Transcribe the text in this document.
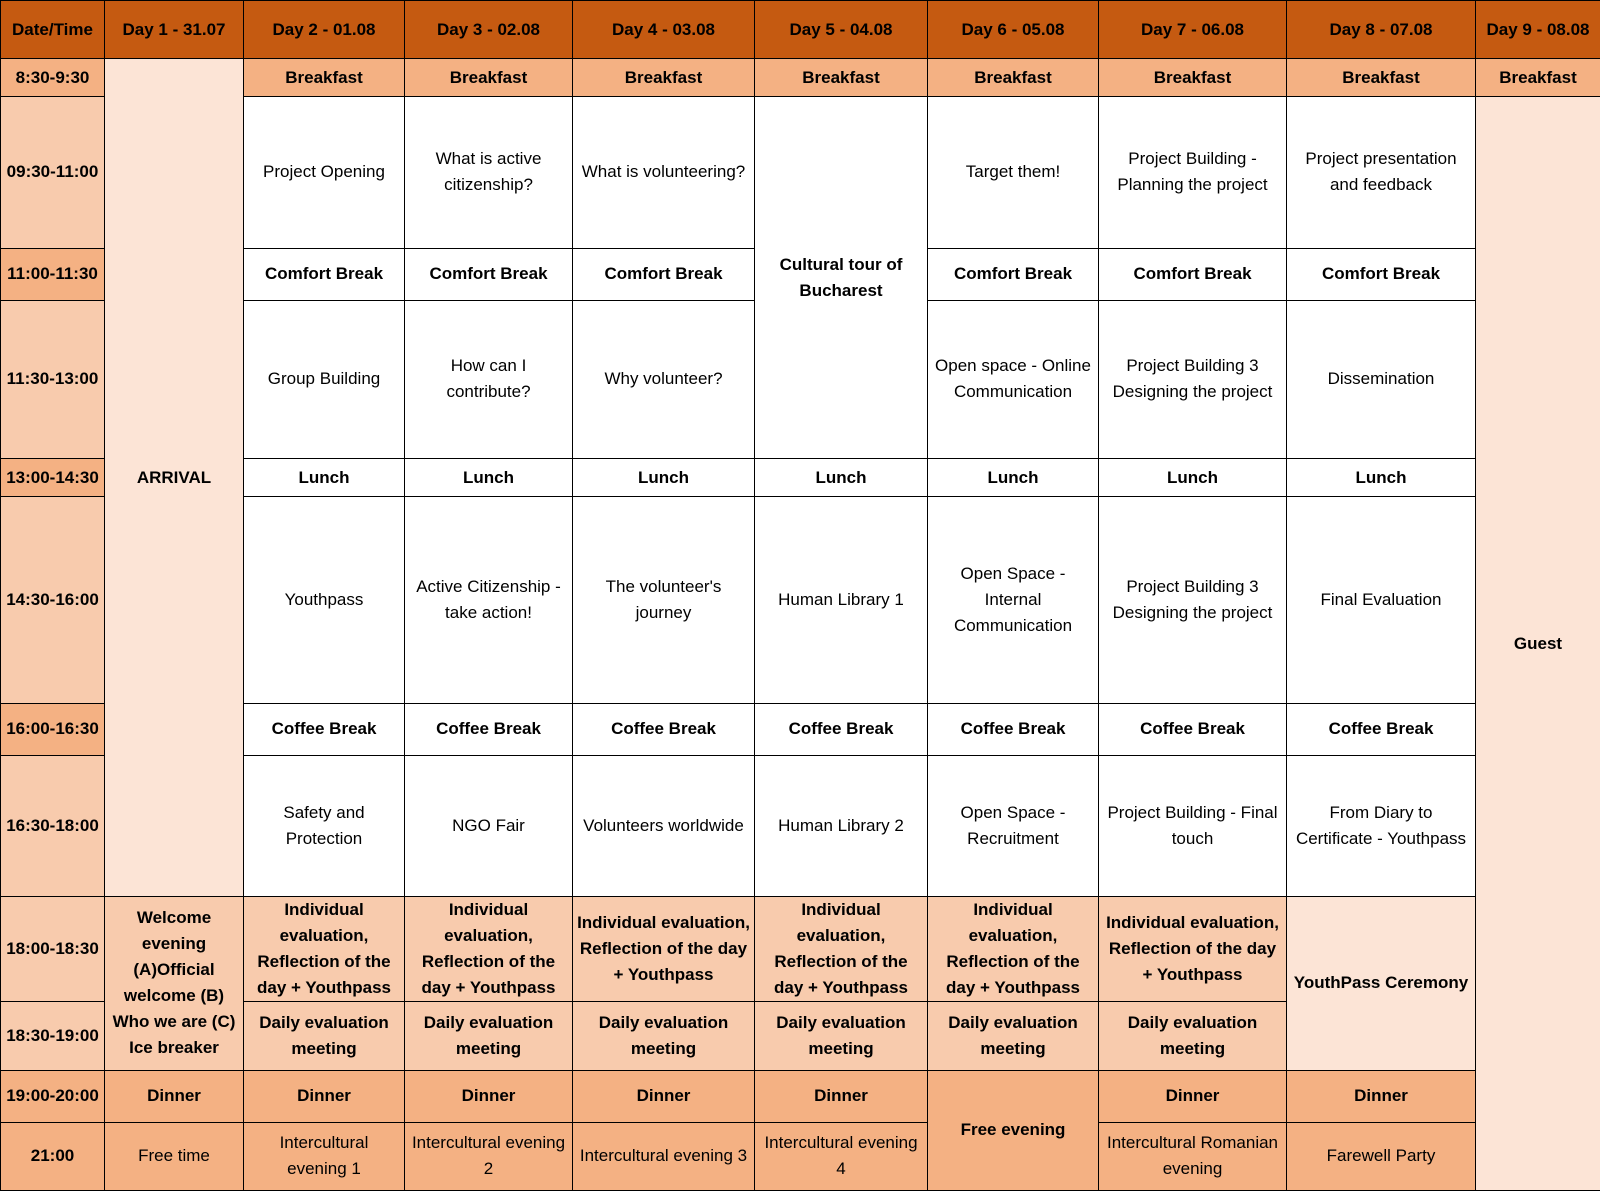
Date/Time	Day 1 - 31.07	Day 2 - 01.08	Day 3 - 02.08	Day 4 - 03.08	Day 5 - 04.08	Day 6 - 05.08	Day 7 - 06.08	Day 8 - 07.08	Day 9 - 08.08
8:30-9:30	ARRIVAL	Breakfast	Breakfast	Breakfast	Breakfast	Breakfast	Breakfast	Breakfast	Breakfast
09:30-11:00		Project Opening	What is active citizenship?	What is volunteering?	Cultural tour of Bucharest	Target them!	Project Building - Planning the project	Project presentation and feedback	Guest
11:00-11:30		Comfort Break	Comfort Break	Comfort Break		Comfort Break	Comfort Break	Comfort Break	
11:30-13:00		Group Building	How can I contribute?	Why volunteer?		Open space - Online Communication	Project Building 3 Designing the project	Dissemination	
13:00-14:30		Lunch	Lunch	Lunch	Lunch	Lunch	Lunch	Lunch	
14:30-16:00		Youthpass	Active Citizenship - take action!	The volunteer's journey	Human Library 1	Open Space - Internal Communication	Project Building 3 Designing the project	Final Evaluation	
16:00-16:30		Coffee Break	Coffee Break	Coffee Break	Coffee Break	Coffee Break	Coffee Break	Coffee Break	
16:30-18:00		Safety and Protection	NGO Fair	Volunteers worldwide	Human Library 2	Open Space - Recruitment	Project Building - Final touch	From Diary to Certificate - Youthpass	
18:00-18:30	Welcome evening (A)Official welcome (B) Who we are (C) Ice breaker	Individual evaluation, Reflection of the day + Youthpass	Individual evaluation, Reflection of the day + Youthpass	Individual evaluation, Reflection of the day + Youthpass	Individual evaluation, Reflection of the day + Youthpass	Individual evaluation, Reflection of the day + Youthpass	Individual evaluation, Reflection of the day + Youthpass	YouthPass Ceremony	
18:30-19:00		Daily evaluation meeting	Daily evaluation meeting	Daily evaluation meeting	Daily evaluation meeting	Daily evaluation meeting	Daily evaluation meeting		
19:00-20:00	Dinner	Dinner	Dinner	Dinner	Dinner	Free evening	Dinner	Dinner	
21:00	Free time	Intercultural evening 1	Intercultural evening 2	Intercultural evening 3	Intercultural evening 4		Intercultural Romanian evening	Farewell Party	
